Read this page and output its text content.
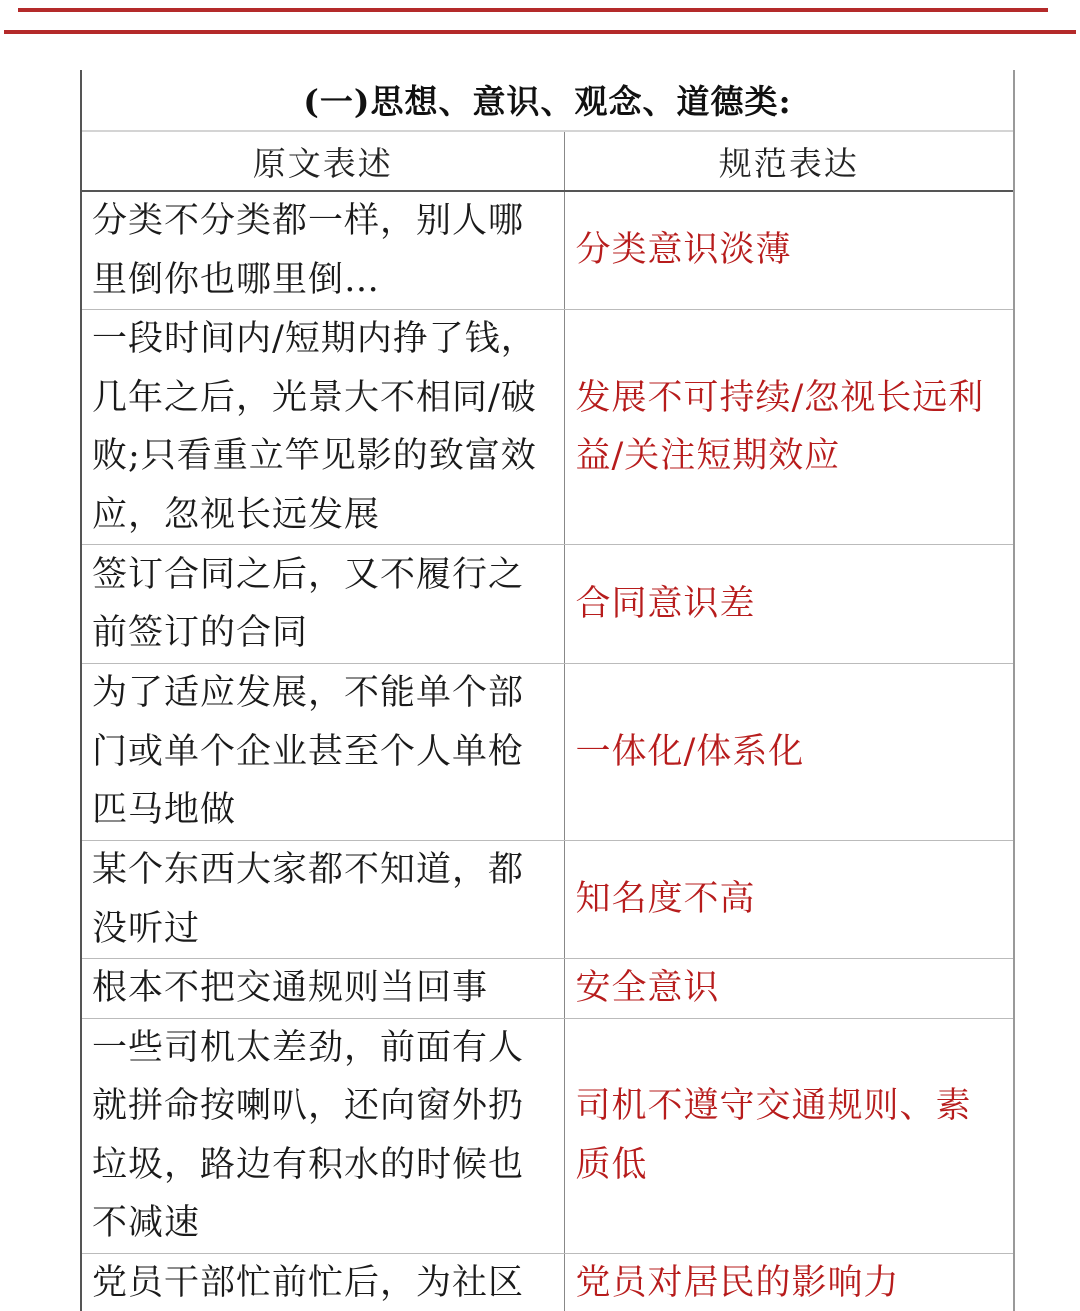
(一)思想、意识、观念、道德类:
原文表述	规范表达
分类不分类都一样，别人哪里倒你也哪里倒…	分类意识淡薄
一段时间内/短期内挣了钱，几年之后，光景大不相同/破败;只看重立竿见影的致富效应，忽视长远发展	发展不可持续/忽视长远利益/关注短期效应
签订合同之后，又不履行之前签订的合同	合同意识差
为了适应发展，不能单个部门或单个企业甚至个人单枪匹马地做	一体化/体系化
某个东西大家都不知道，都没听过	知名度不高
根本不把交通规则当回事	安全意识
一些司机太差劲，前面有人就拼命按喇叭，还向窗外扔垃圾，路边有积水的时候也不减速	司机不遵守交通规则、素质低
党员干部忙前忙后，为社区	党员对居民的影响力
